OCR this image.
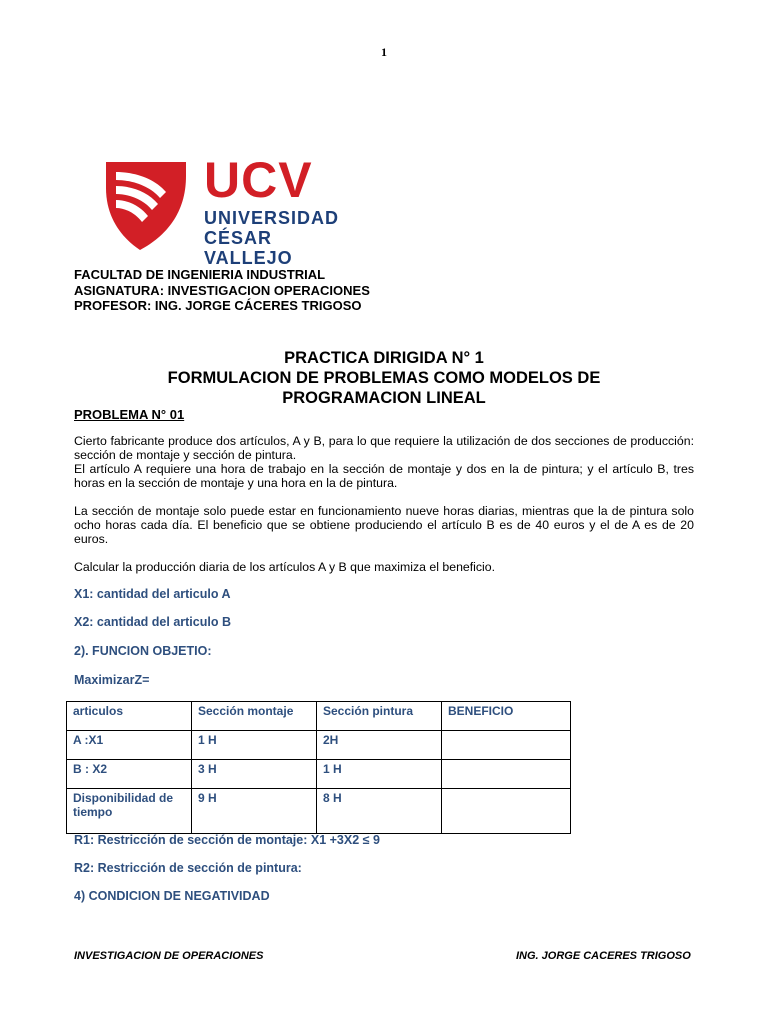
1
UCV
UNIVERSIDAD
CÉSAR VALLEJO
FACULTAD DE INGENIERIA INDUSTRIAL
ASIGNATURA: INVESTIGACION OPERACIONES
PROFESOR: ING. JORGE CÁCERES TRIGOSO
PRACTICA DIRIGIDA N° 1
FORMULACION DE PROBLEMAS COMO MODELOS DE
PROGRAMACION LINEAL
PROBLEMA N° 01
Cierto fabricante produce dos artículos, A y B, para lo que requiere la utilización de dos secciones de producción: sección de montaje y sección de pintura.
El artículo A requiere una hora de trabajo en la sección de montaje y dos en la de pintura; y el artículo B, tres horas en la sección de montaje y una hora en la de pintura.
La sección de montaje solo puede estar en funcionamiento nueve horas diarias, mientras que la de pintura solo ocho horas cada día. El beneficio que se obtiene produciendo el artículo B es de 40 euros y el de A es de 20 euros.
Calcular la producción diaria de los artículos A y B que maximiza el beneficio.
X1: cantidad del articulo A
X2: cantidad del articulo B
2). FUNCION OBJETIO:
MaximizarZ=
articulos	Sección montaje	Sección pintura	BENEFICIO
A :X1	1 H	2H	
B : X2	3 H	1 H	
Disponibilidad de tiempo	9 H	8 H	
R1: Restricción de sección de montaje: X1 +3X2 ≤ 9
R2: Restricción de sección de pintura:
4) CONDICION DE NEGATIVIDAD
INVESTIGACION DE OPERACIONES	ING. JORGE CACERES TRIGOSO
